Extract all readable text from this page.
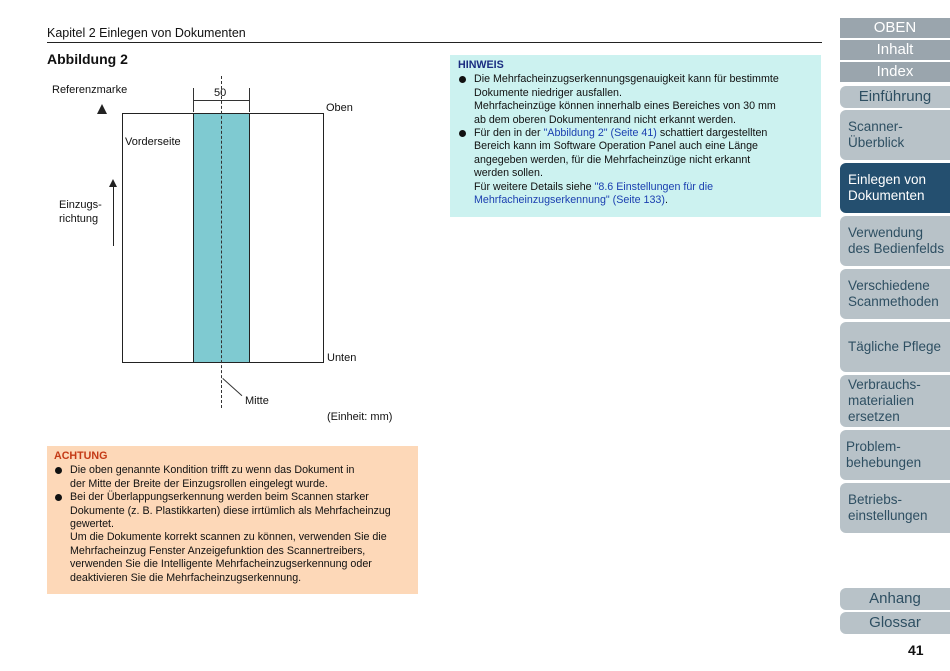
Kapitel 2 Einlegen von Dokumenten
Abbildung 2
Referenzmarke	50
Oben
Vorderseite
Einzugs-
richtung
Unten
Mitte
(Einheit: mm)
HINWEIS
Die Mehrfacheinzugserkennungsgenauigkeit kann für bestimmte
Dokumente niedriger ausfallen.
Mehrfacheinzüge können innerhalb eines Bereiches von 30 mm
ab dem oberen Dokumentenrand nicht erkannt werden.
Für den in der "Abbildung 2" (Seite 41) schattiert dargestellten
Bereich kann im Software Operation Panel auch eine Länge
angegeben werden, für die Mehrfacheinzüge nicht erkannt
werden sollen.
Für weitere Details siehe "8.6 Einstellungen für die
Mehrfacheinzugserkennung" (Seite 133).
ACHTUNG
Die oben genannte Kondition trifft zu wenn das Dokument in
der Mitte der Breite der Einzugsrollen eingelegt wurde.
Bei der Überlappungserkennung werden beim Scannen starker
Dokumente (z. B. Plastikkarten) diese irrtümlich als Mehrfacheinzug
gewertet.
Um die Dokumente korrekt scannen zu können, verwenden Sie die
Mehrfacheinzug Fenster Anzeigefunktion des Scannertreibers,
verwenden Sie die Intelligente Mehrfacheinzugserkennung oder
deaktivieren Sie die Mehrfacheinzugserkennung.
OBEN
Inhalt
Index
Einführung
Scanner-
Überblick
Einlegen von
Dokumenten
Verwendung
des Bedienfelds
Verschiedene
Scanmethoden
Tägliche Pflege
Verbrauchs-
materialien
ersetzen
Problem-
behebungen
Betriebs-
einstellungen
Anhang
Glossar
41
